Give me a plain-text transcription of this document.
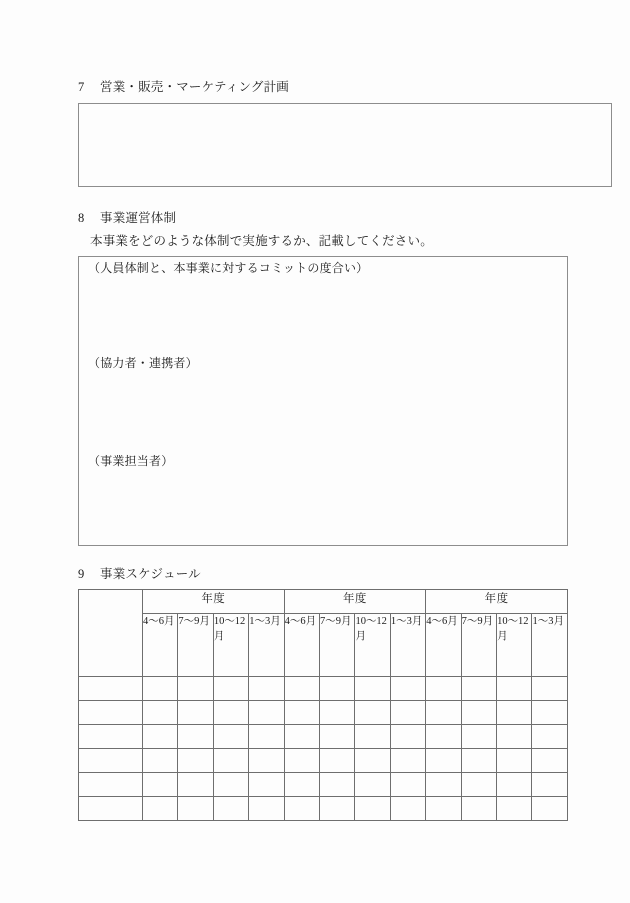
7 営業・販売・マーケティング計画
8 事業運営体制
本事業をどのような体制で実施するか、記載してください。
（人員体制と、本事業に対するコミットの度合い）
（協力者・連携者）
（事業担当者）
9 事業スケジュール
	年度				年度				年度			
	4〜6月	7〜9月	10〜12月	1〜3月	4〜6月	7〜9月	10〜12月	1〜3月	4〜6月	7〜9月	10〜12月	1〜3月
